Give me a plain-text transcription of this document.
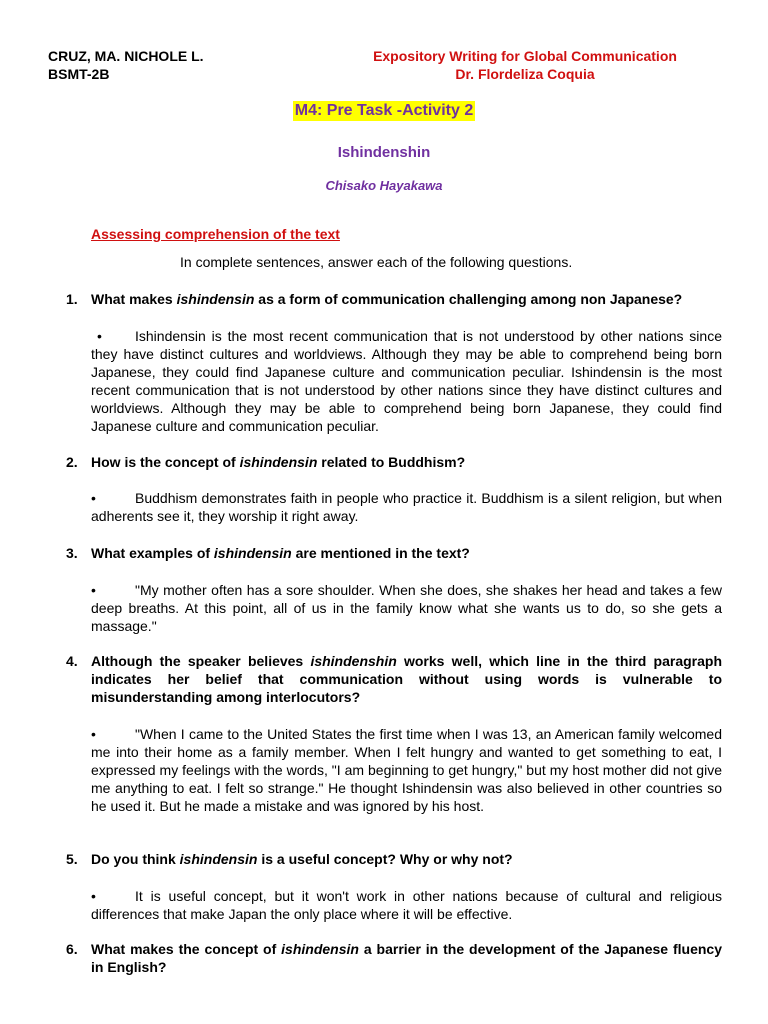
CRUZ, MA. NICHOLE L.
BSMT-2B
Expository Writing for Global Communication
Dr. Flordeliza Coquia
M4: Pre Task -Activity 2
Ishindenshin
Chisako Hayakawa
Assessing comprehension of the text
In complete sentences, answer each of the following questions.
1. What makes ishindensin as a form of communication challenging among non Japanese?
• Ishindensin is the most recent communication that is not understood by other nations since they have distinct cultures and worldviews. Although they may be able to comprehend being born Japanese, they could find Japanese culture and communication peculiar. Ishindensin is the most recent communication that is not understood by other nations since they have distinct cultures and worldviews. Although they may be able to comprehend being born Japanese, they could find Japanese culture and communication peculiar.
2. How is the concept of ishindensin related to Buddhism?
•	Buddhism demonstrates faith in people who practice it. Buddhism is a silent religion, but when adherents see it, they worship it right away.
3. What examples of ishindensin are mentioned in the text?
•	"My mother often has a sore shoulder. When she does, she shakes her head and takes a few deep breaths. At this point, all of us in the family know what she wants us to do, so she gets a massage."
4. Although the speaker believes ishindenshin works well, which line in the third paragraph indicates her belief that communication without using words is vulnerable to misunderstanding among interlocutors?
•	"When I came to the United States the first time when I was 13, an American family welcomed me into their home as a family member. When I felt hungry and wanted to get something to eat, I expressed my feelings with the words, "I am beginning to get hungry," but my host mother did not give me anything to eat. I felt so strange." He thought Ishindensin was also believed in other countries so he used it. But he made a mistake and was ignored by his host.
5. Do you think ishindensin is a useful concept? Why or why not?
•	It is useful concept, but it won't work in other nations because of cultural and religious differences that make Japan the only place where it will be effective.
6. What makes the concept of ishindensin a barrier in the development of the Japanese fluency in English?
